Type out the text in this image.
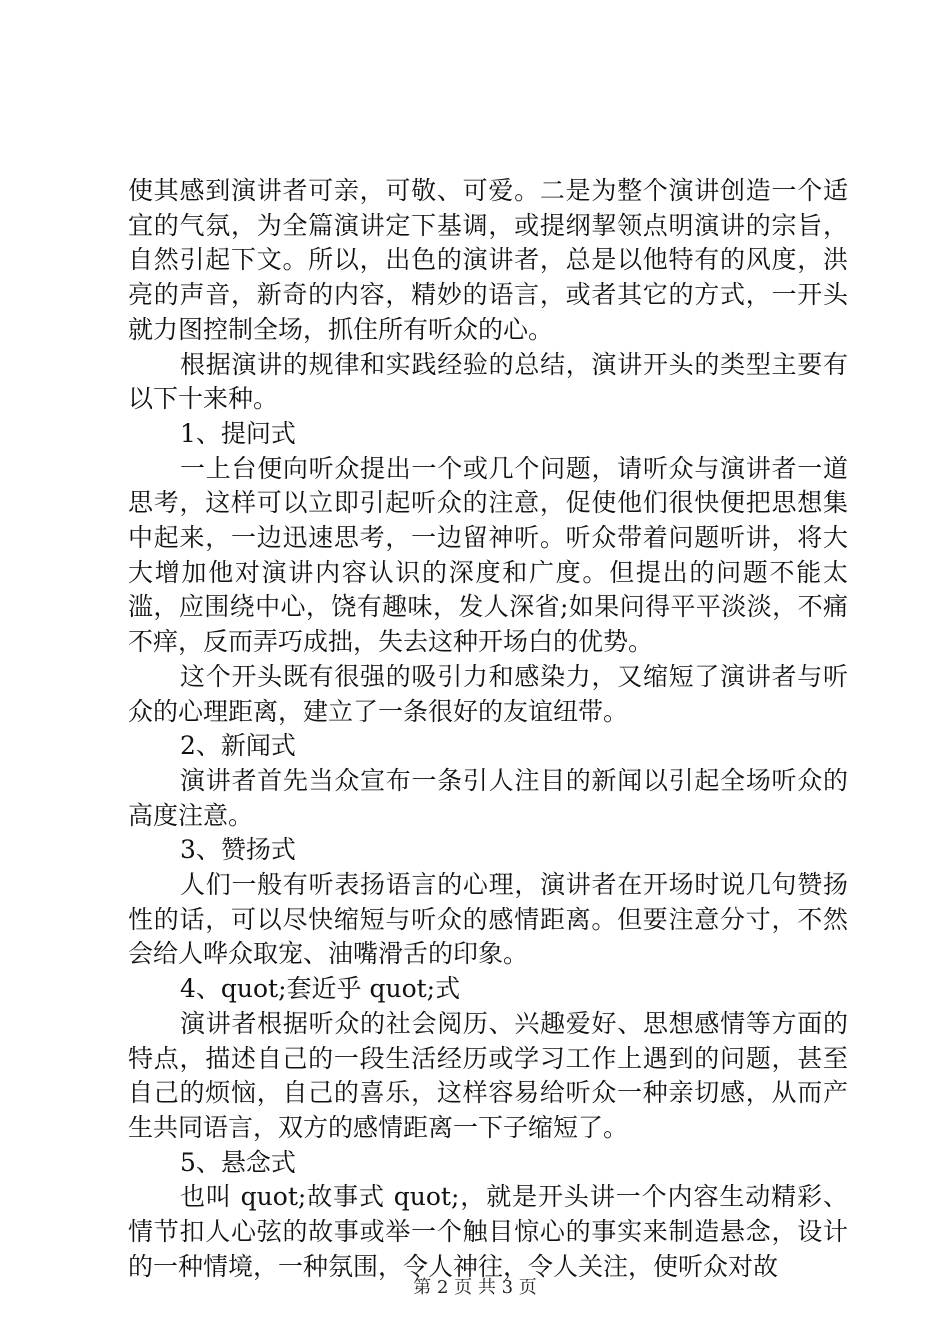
使其感到演讲者可亲，可敬、可爱。二是为整个演讲创造一个适宜的气氛，为全篇演讲定下基调，或提纲挈领点明演讲的宗旨，自然引起下文。所以，出色的演讲者，总是以他特有的风度，洪亮的声音，新奇的内容，精妙的语言，或者其它的方式，一开头就力图控制全场，抓住所有听众的心。

根据演讲的规律和实践经验的总结，演讲开头的类型主要有以下十来种。

1、提问式

一上台便向听众提出一个或几个问题，请听众与演讲者一道思考，这样可以立即引起听众的注意，促使他们很快便把思想集中起来，一边迅速思考，一边留神听。听众带着问题听讲，将大大增加他对演讲内容认识的深度和广度。但提出的问题不能太滥，应围绕中心，饶有趣味，发人深省;如果问得平平淡淡，不痛不痒，反而弄巧成拙，失去这种开场白的优势。

这个开头既有很强的吸引力和感染力，又缩短了演讲者与听众的心理距离，建立了一条很好的友谊纽带。

2、新闻式

演讲者首先当众宣布一条引人注目的新闻以引起全场听众的高度注意。

3、赞扬式

人们一般有听表扬语言的心理，演讲者在开场时说几句赞扬性的话，可以尽快缩短与听众的感情距离。但要注意分寸，不然会给人哗众取宠、油嘴滑舌的印象。

4、quot;套近乎 quot;式

演讲者根据听众的社会阅历、兴趣爱好、思想感情等方面的特点，描述自己的一段生活经历或学习工作上遇到的问题，甚至自己的烦恼，自己的喜乐，这样容易给听众一种亲切感，从而产生共同语言，双方的感情距离一下子缩短了。

5、悬念式

也叫 quot;故事式 quot;，就是开头讲一个内容生动精彩、情节扣人心弦的故事或举一个触目惊心的事实来制造悬念，设计的一种情境，一种氛围，令人神往，令人关注，使听众对故

第 2 页 共 3 页
